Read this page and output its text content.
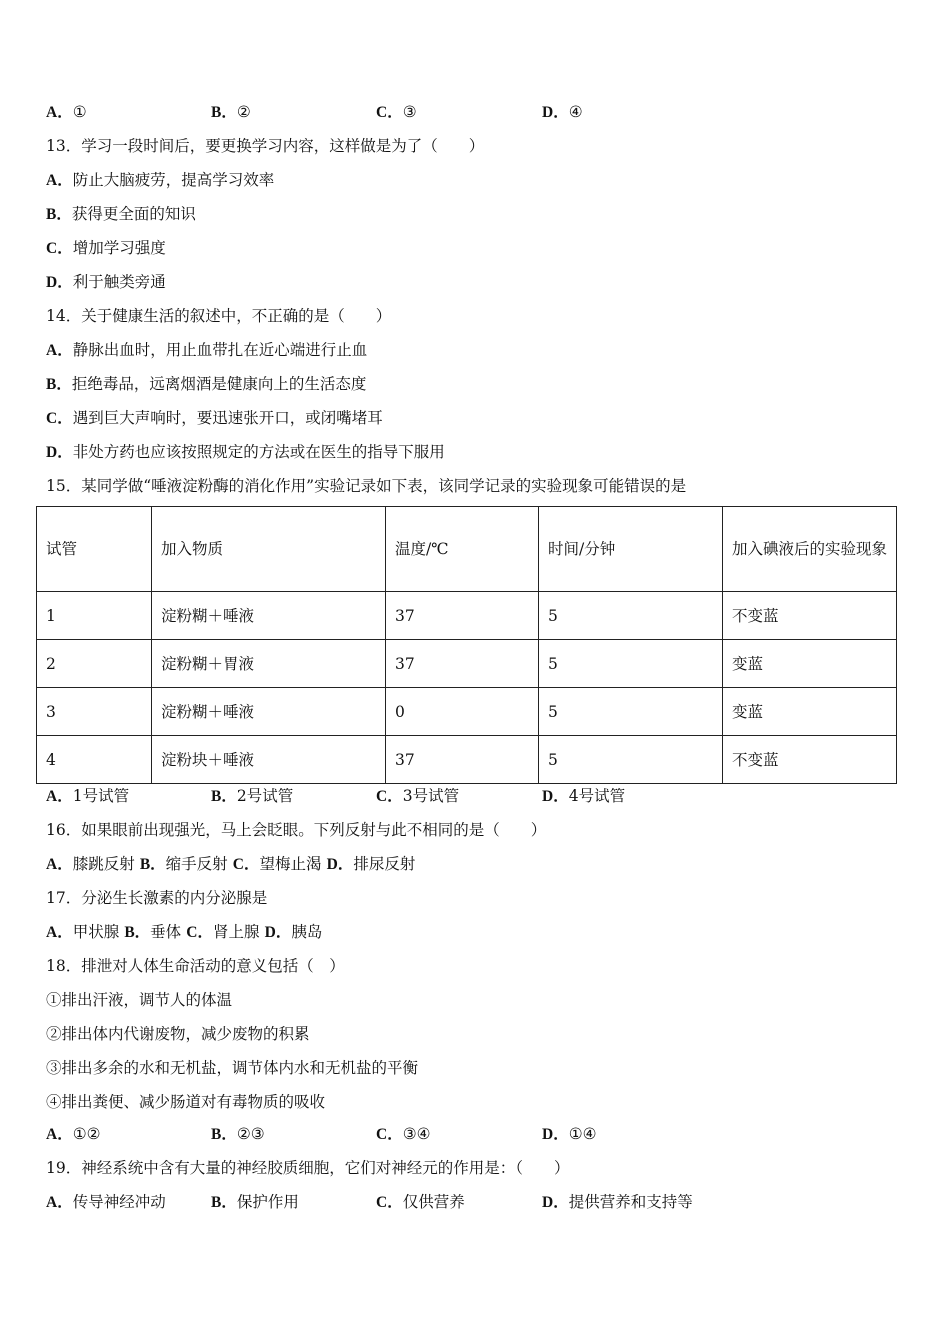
A．①	B．②	C．③	D．④
13．学习一段时间后，要更换学习内容，这样做是为了（　　）
A．防止大脑疲劳，提高学习效率
B．获得更全面的知识
C．增加学习强度
D．利于触类旁通
14．关于健康生活的叙述中，不正确的是（　　）
A．静脉出血时，用止血带扎在近心端进行止血
B．拒绝毒品，远离烟酒是健康向上的生活态度
C．遇到巨大声响时，要迅速张开口，或闭嘴堵耳
D．非处方药也应该按照规定的方法或在医生的指导下服用
15．某同学做“唾液淀粉酶的消化作用”实验记录如下表，该同学记录的实验现象可能错误的是
试管	加入物质	温度/℃	时间/分钟	加入碘液后的实验现象
1	淀粉糊＋唾液	37	5	不变蓝
2	淀粉糊＋胃液	37	5	变蓝
3	淀粉糊＋唾液	0	5	变蓝
4	淀粉块＋唾液	37	5	不变蓝
A．1号试管	B．2号试管	C．3号试管	D．4号试管
16．如果眼前出现强光，马上会眨眼。下列反射与此不相同的是（　　）
A．膝跳反射  B．缩手反射  C．望梅止渴  D．排尿反射
17．分泌生长激素的内分泌腺是
A．甲状腺  B．垂体  C．肾上腺  D．胰岛
18．排泄对人体生命活动的意义包括（　）
①排出汗液，调节人的体温
②排出体内代谢废物，减少废物的积累
③排出多余的水和无机盐，调节体内水和无机盐的平衡
④排出粪便、减少肠道对有毒物质的吸收
A．①②	B．②③	C．③④	D．①④
19．神经系统中含有大量的神经胶质细胞，它们对神经元的作用是：（　　）
A．传导神经冲动	B．保护作用	C．仅供营养	D．提供营养和支持等
